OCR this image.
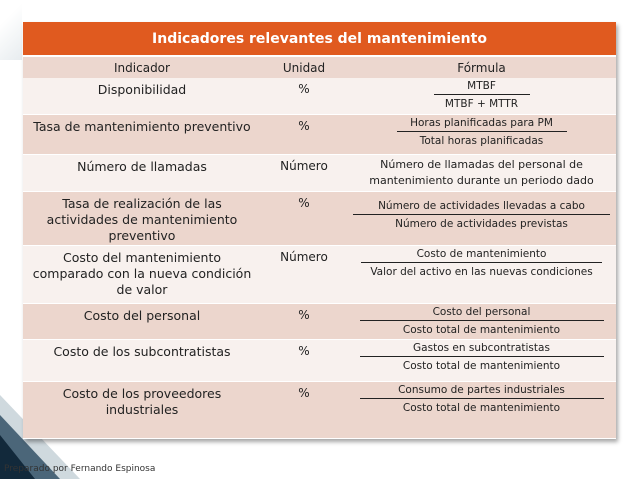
Indicadores relevantes del mantenimiento		
Indicador	Unidad	Fórmula
Disponibilidad	%	$\frac{\text{MTBF}}{\text{MTBF + MTTR}}$

Tasa de mantenimiento preventivo	%	$\frac{\text{Horas planificadas para PM}}{\text{Total horas planificadas}}$

Número de llamadas	Número	Número de llamadas del personal de mantenimiento durante un periodo dado
Tasa de realización de las actividades de mantenimiento preventivo	%	Número de actividades llevadas a cabo
Número de actividades previstas

Costo del mantenimiento comparado con la nueva condición de valor	Número	Costo de mantenimiento
Valor del activo en las nuevas condiciones

Costo del personal	%	$\frac{\text{Costo del personal}}{\text{Costo total de mantenimiento}}$

Costo de los subcontratistas	%	$\frac{\text{Gastos en subcontratistas}}{\text{Costo total de mantenimiento}}$

Costo de los proveedores industriales	%	$\frac{\text{Consumo de partes industriales}}{\text{Costo total de mantenimiento}}$
Preparado por Fernando Espinosa
